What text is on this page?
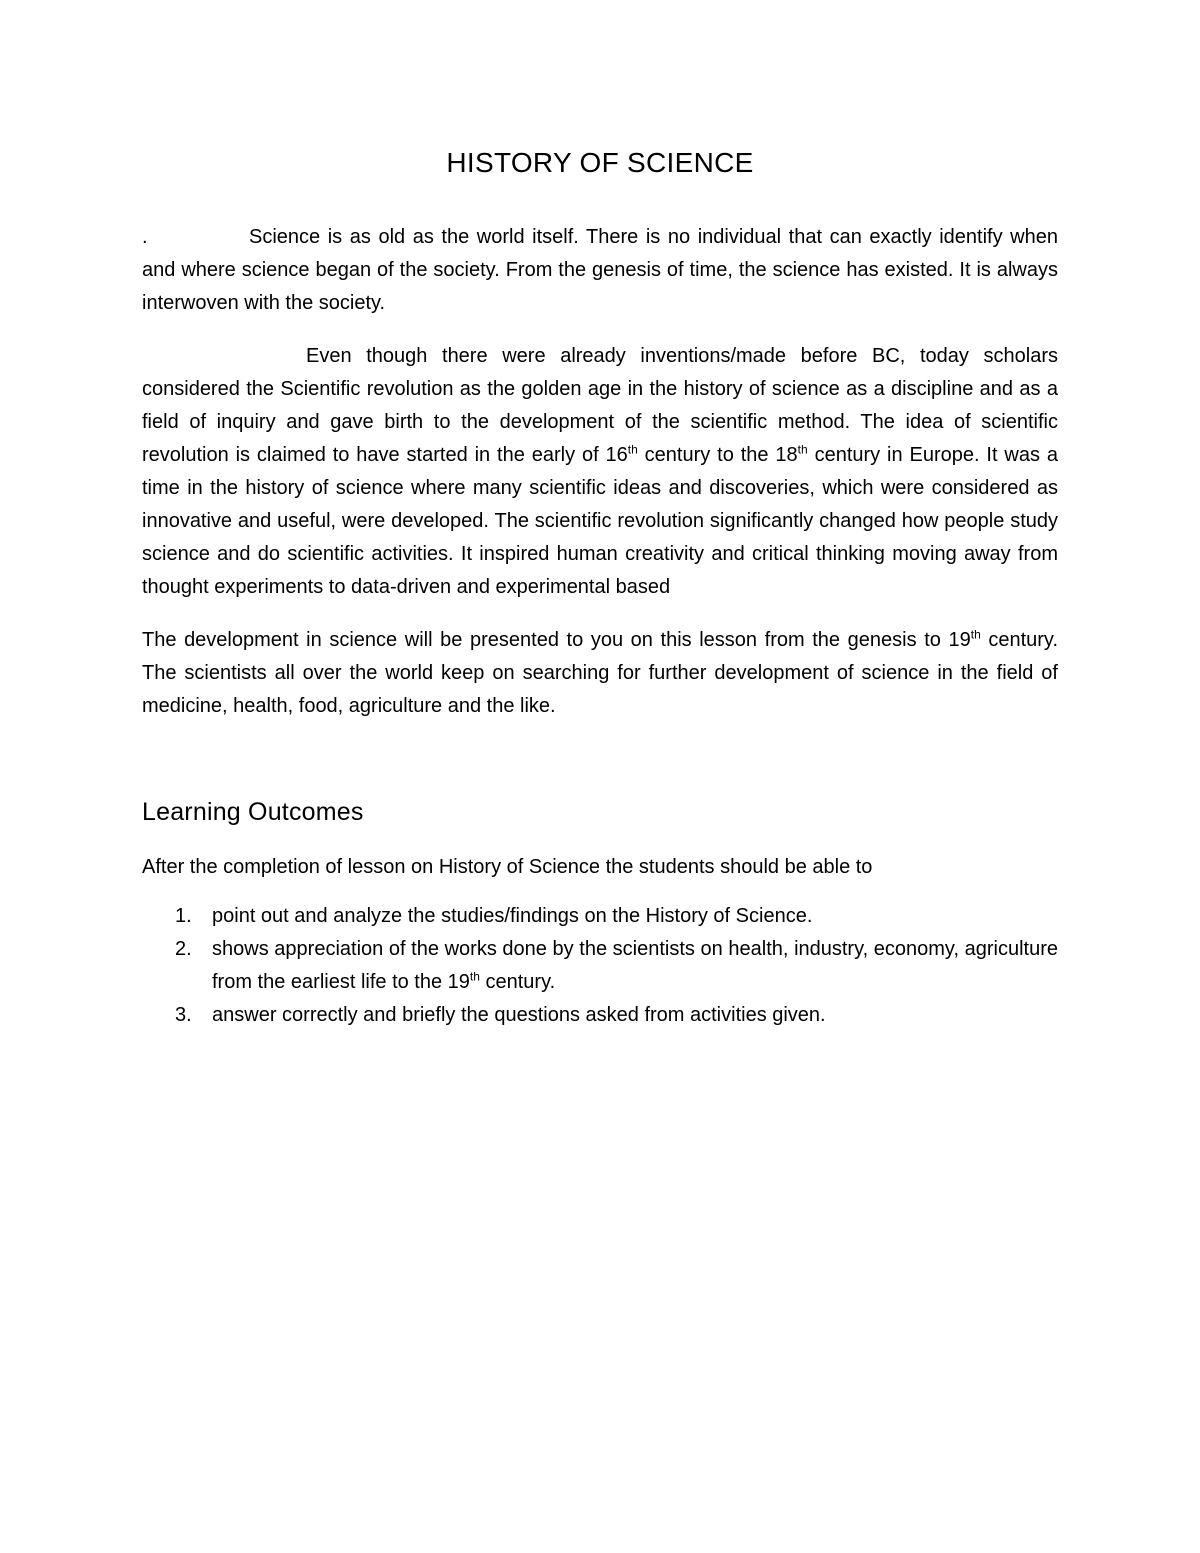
HISTORY OF SCIENCE

.	Science is as old as the world itself. There is no individual that can exactly identify when and where science began of the society. From the genesis of time, the science has existed. It is always interwoven with the society.

Even though there were already inventions/made before BC, today scholars considered the Scientific revolution as the golden age in the history of science as a discipline and as a field of inquiry and gave birth to the development of the scientific method. The idea of scientific revolution is claimed to have started in the early of 16th century to the 18th century in Europe. It was a time in the history of science where many scientific ideas and discoveries, which were considered as innovative and useful, were developed. The scientific revolution significantly changed how people study science and do scientific activities. It inspired human creativity and critical thinking moving away from thought experiments to data-driven and experimental based

The development in science will be presented to you on this lesson from the genesis to 19th century. The scientists all over the world keep on searching for further development of science in the field of medicine, health, food, agriculture and the like.

Learning Outcomes

After the completion of lesson on History of Science the students should be able to

1. point out and analyze the studies/findings on the History of Science.
2. shows appreciation of the works done by the scientists on health, industry, economy, agriculture from the earliest life to the 19th century.
3. answer correctly and briefly the questions asked from activities given.
